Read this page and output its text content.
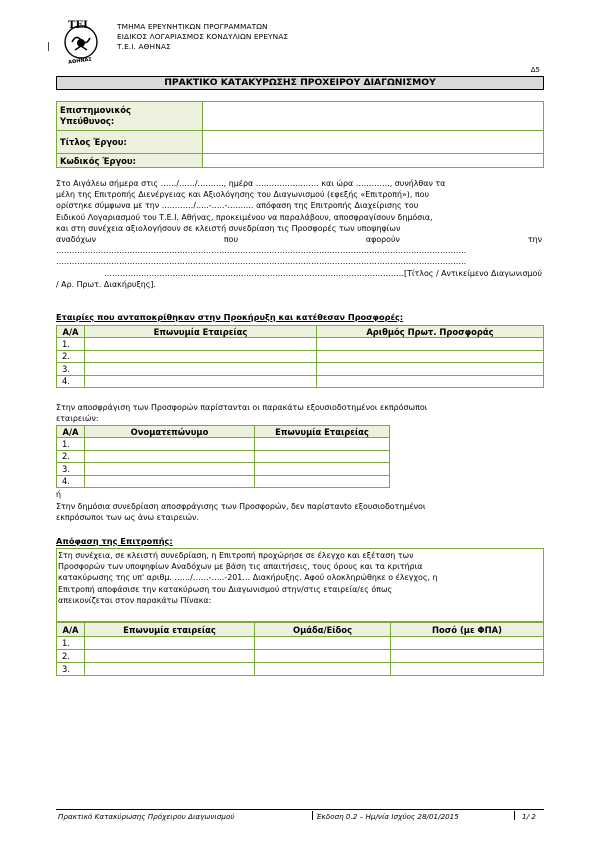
ΤΕΙ
ΑΘΗΝΑΣ
|
ΤΜΗΜΑ ΕΡΕΥΝΗΤΙΚΩΝ ΠΡΟΓΡΑΜΜΑΤΩΝ
ΕΙΔΙΚΟΣ ΛΟΓΑΡΙΑΣΜΟΣ ΚΟΝΔΥΛΙΩΝ ΕΡΕΥΝΑΣ
Τ.Ε.Ι. ΑΘΗΝΑΣ
Δ5
ΠΡΑΚΤΙΚΟ ΚΑΤΑΚΥΡΩΣΗΣ ΠΡΟΧΕΙΡΟΥ ΔΙΑΓΩΝΙΣΜΟΥ
Επιστημονικός
Υπεύθυνος:	

Τίτλος Έργου:	
Κωδικός Έργου:	
Στο Αιγάλεω σήμερα στις ……/……/………., ημέρα …………………… και ώρα …………., συνήλθαν τα
μέλη της Επιτροπής Διενέργειας και Αξιολόγησης του Διαγωνισμού (εφεξής «Επιτροπή»), που
ορίστηκε σύμφωνα με την …………/…..-…..-………. απόφαση της Επιτροπής Διαχείρισης του
Ειδικού Λογαριασμού του Τ.Ε.Ι. Αθήνας, προκειμένου να παραλάβουν, αποσφραγίσουν δημόσια,
και στη συνέχεια αξιολογήσουν σε κλειστή συνεδρίαση τις Προσφορές των υποψηφίων
αναδόχων	που	αφορούν	την
…………………………………………………………………………………………………………………………………………
…………………………………………………………………………………………………………………………………………
……………………………………………………………………………………………………[Τίτλος / Αντικείμενο Διαγωνισμού
/ Αρ. Πρωτ. Διακήρυξης].
Εταιρίες που ανταποκρίθηκαν στην Προκήρυξη και κατέθεσαν Προσφορές:
Α/Α	Επωνυμία Εταιρείας	Αριθμός Πρωτ. Προσφοράς
1.		
2.		
3.		
4.		
Στην αποσφράγιση των Προσφορών παρίστανται οι παρακάτω εξουσιοδοτημένοι εκπρόσωποι
εταιρειών:
Α/Α	Ονοματεπώνυμο	Επωνυμία Εταιρείας
1.		
2.		
3.		
4.		
ή
Στην δημόσια συνεδρίαση αποσφράγισης των Προσφορών, δεν παρίστανto εξουσιοδοτημένοι
εκπρόσωποι των ως άνω εταιρειών.
Απόφαση της Επιτροπής:
Στη συνέχεια, σε κλειστή συνεδρίαση, η Επιτροπή προχώρησε σε έλεγχο και εξέταση των
Προσφορών των υποψηφίων Αναδόχων με βάση τις απαιτήσεις, τους όρους και τα κριτήρια
κατακύρωσης της υπ' αριθμ. ……/……-…..-201… Διακήρυξης. Αφού ολοκληρώθηκε ο έλεγχος, η
Επιτροπή αποφάσισε την κατακύρωση του Διαγωνισμού στην/στις εταιρεία/ες όπως
απεικονίζεται στον παρακάτω Πίνακα:
Α/Α	Επωνυμία εταιρείας	Ομάδα/Είδος	Ποσό (με ΦΠΑ)
1.			
2.			
3.			
Πρακτικό Κατακύρωσης Πρόχειρου Διαγωνισμού	Έκδοση 0.2 – Ημ/νία Ισχύος 28/01/2015	1/ 2
